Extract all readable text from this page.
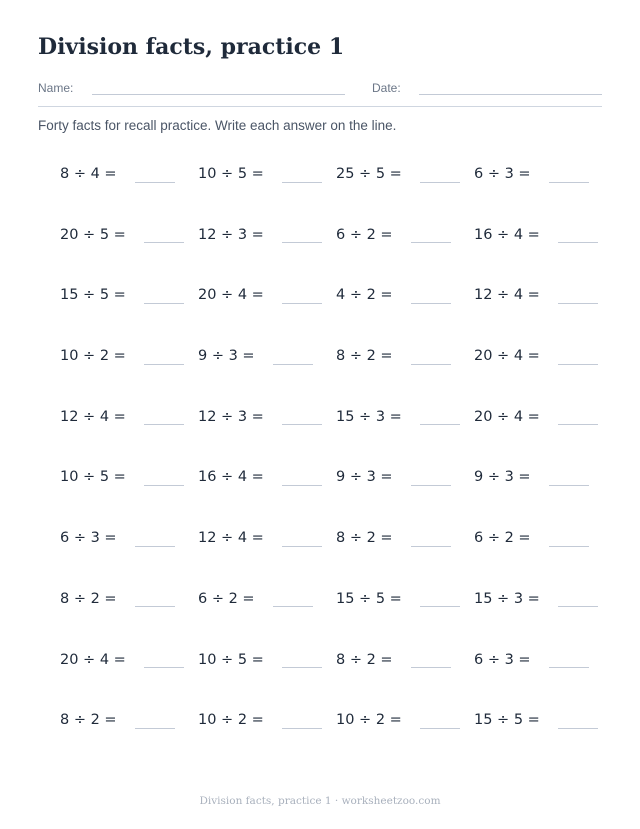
Division facts, practice 1
Name:	Date:
Forty facts for recall practice. Write each answer on the line.
8 ÷ 4 =	10 ÷ 5 =	25 ÷ 5 =	6 ÷ 3 =
20 ÷ 5 =	12 ÷ 3 =	6 ÷ 2 =	16 ÷ 4 =
15 ÷ 5 =	20 ÷ 4 =	4 ÷ 2 =	12 ÷ 4 =
10 ÷ 2 =	9 ÷ 3 =	8 ÷ 2 =	20 ÷ 4 =
12 ÷ 4 =	12 ÷ 3 =	15 ÷ 3 =	20 ÷ 4 =
10 ÷ 5 =	16 ÷ 4 =	9 ÷ 3 =	9 ÷ 3 =
6 ÷ 3 =	12 ÷ 4 =	8 ÷ 2 =	6 ÷ 2 =
8 ÷ 2 =	6 ÷ 2 =	15 ÷ 5 =	15 ÷ 3 =
20 ÷ 4 =	10 ÷ 5 =	8 ÷ 2 =	6 ÷ 3 =
8 ÷ 2 =	10 ÷ 2 =	10 ÷ 2 =	15 ÷ 5 =
Division facts, practice 1 · worksheetzoo.com
